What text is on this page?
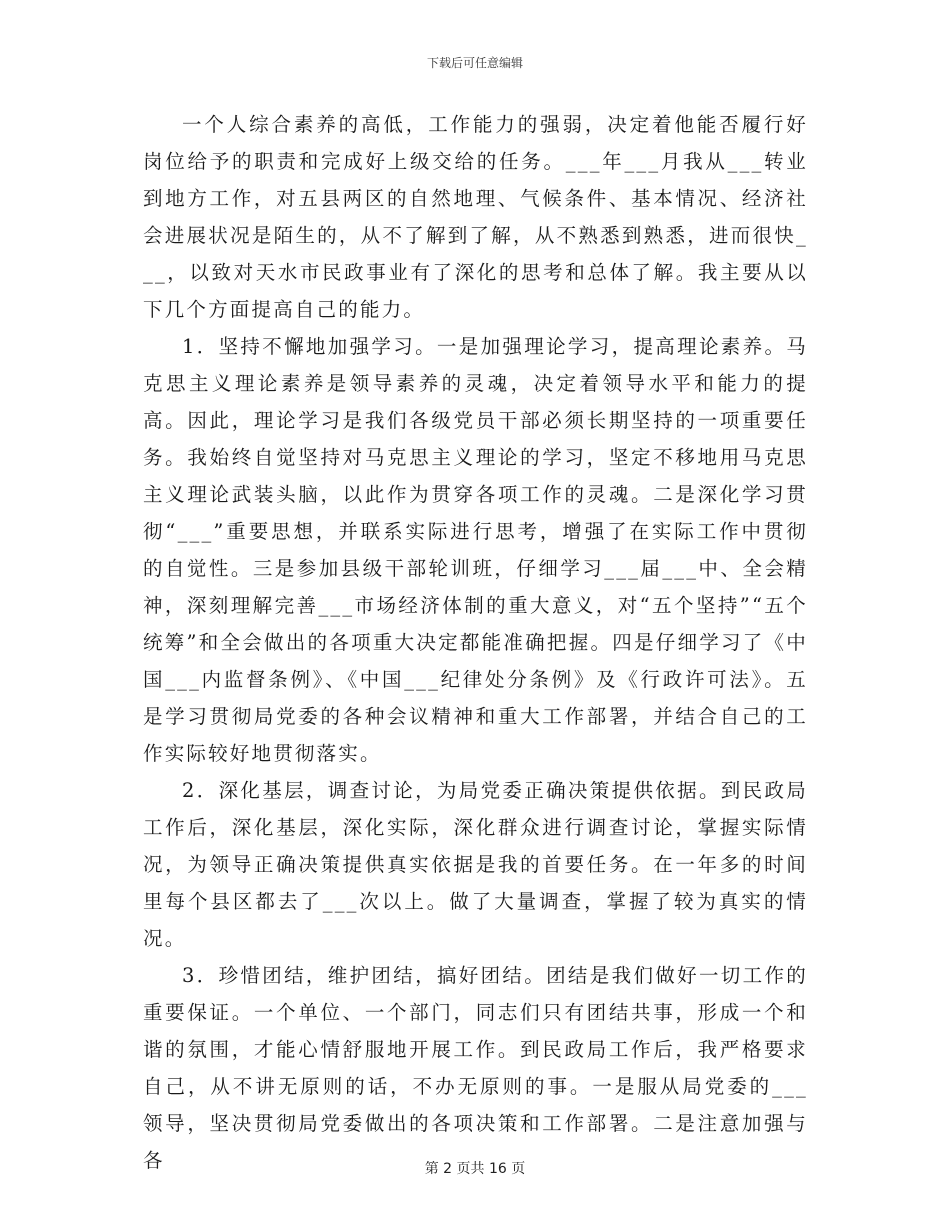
下载后可任意编辑

一个人综合素养的高低，工作能力的强弱，决定着他能否履行好岗位给予的职责和完成好上级交给的任务。___年___月我从___转业到地方工作，对五县两区的自然地理、气候条件、基本情况、经济社会进展状况是陌生的，从不了解到了解，从不熟悉到熟悉，进而很快___，以致对天水市民政事业有了深化的思考和总体了解。我主要从以下几个方面提高自己的能力。

1．坚持不懈地加强学习。一是加强理论学习，提高理论素养。马克思主义理论素养是领导素养的灵魂，决定着领导水平和能力的提高。因此，理论学习是我们各级党员干部必须长期坚持的一项重要任务。我始终自觉坚持对马克思主义理论的学习，坚定不移地用马克思主义理论武装头脑，以此作为贯穿各项工作的灵魂。二是深化学习贯彻“___”重要思想，并联系实际进行思考，增强了在实际工作中贯彻的自觉性。三是参加县级干部轮训班，仔细学习___届___中、全会精神，深刻理解完善___市场经济体制的重大意义，对“五个坚持”“五个统筹”和全会做出的各项重大决定都能准确把握。四是仔细学习了《中国___内监督条例》、《中国___纪律处分条例》及《行政许可法》。五是学习贯彻局党委的各种会议精神和重大工作部署，并结合自己的工作实际较好地贯彻落实。

2．深化基层，调查讨论，为局党委正确决策提供依据。到民政局工作后，深化基层，深化实际，深化群众进行调查讨论，掌握实际情况，为领导正确决策提供真实依据是我的首要任务。在一年多的时间里每个县区都去了___次以上。做了大量调查，掌握了较为真实的情况。

3．珍惜团结，维护团结，搞好团结。团结是我们做好一切工作的重要保证。一个单位、一个部门，同志们只有团结共事，形成一个和谐的氛围，才能心情舒服地开展工作。到民政局工作后，我严格要求自己，从不讲无原则的话，不办无原则的事。一是服从局党委的___领导，坚决贯彻局党委做出的各项决策和工作部署。二是注意加强与各	第 2 页共 16 页
